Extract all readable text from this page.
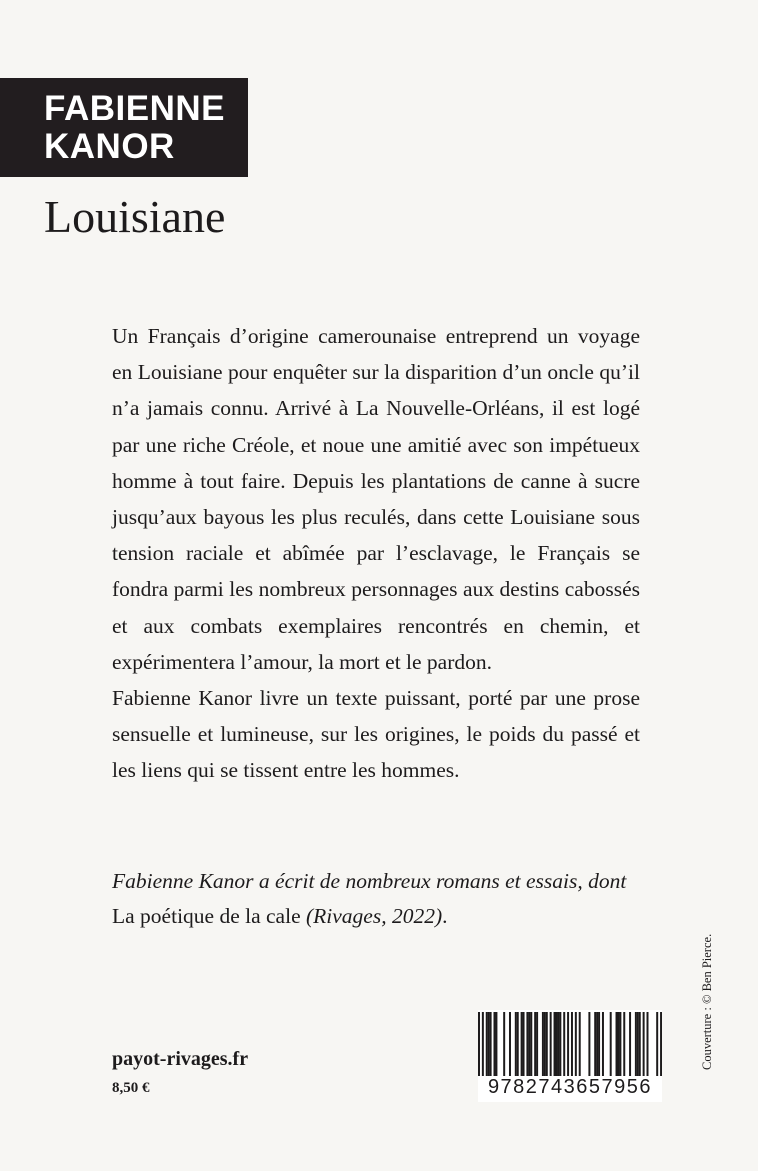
FABIENNE
KANOR
Louisiane

Un Français d’origine camerounaise entreprend un voyage en Louisiane pour enquêter sur la disparition d’un oncle qu’il n’a jamais connu. Arrivé à La Nouvelle-Orléans, il est logé par une riche Créole, et noue une amitié avec son impétueux homme à tout faire. Depuis les plantations de canne à sucre jusqu’aux bayous les plus reculés, dans cette Louisiane sous tension raciale et abîmée par l’esclavage, le Français se fondra parmi les nombreux personnages aux destins cabossés et aux combats exemplaires rencontrés en chemin, et expérimentera l’amour, la mort et le pardon.

Fabienne Kanor livre un texte puissant, porté par une prose sensuelle et lumineuse, sur les origines, le poids du passé et les liens qui se tissent entre les hommes.

Fabienne Kanor a écrit de nombreux romans et essais, dont La poétique de la cale (Rivages, 2022).
payot-rivages.fr
8,50 €	9782743657956
Couverture : © Ben Pierce.
